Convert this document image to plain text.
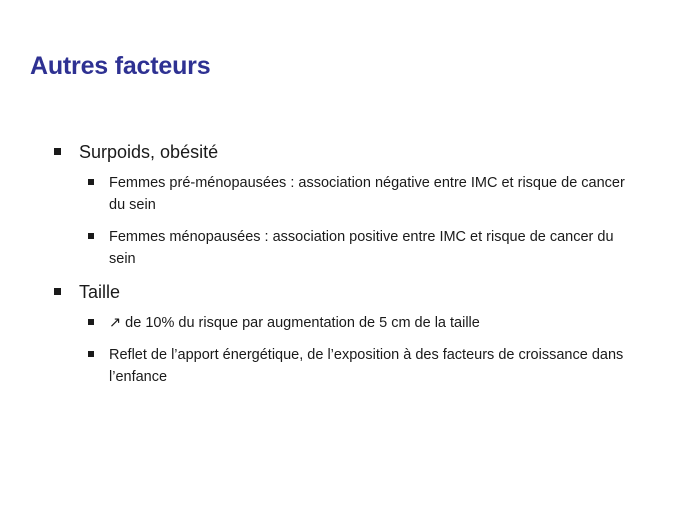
Autres facteurs
Surpoids, obésité
Femmes pré-ménopausées : association négative entre IMC et risque de cancer du sein
Femmes ménopausées : association positive entre IMC et risque de cancer du sein
Taille
↗ de 10% du risque par augmentation de 5 cm de la taille
Reflet de l’apport énergétique, de l’exposition à des facteurs de croissance dans l’enfance
